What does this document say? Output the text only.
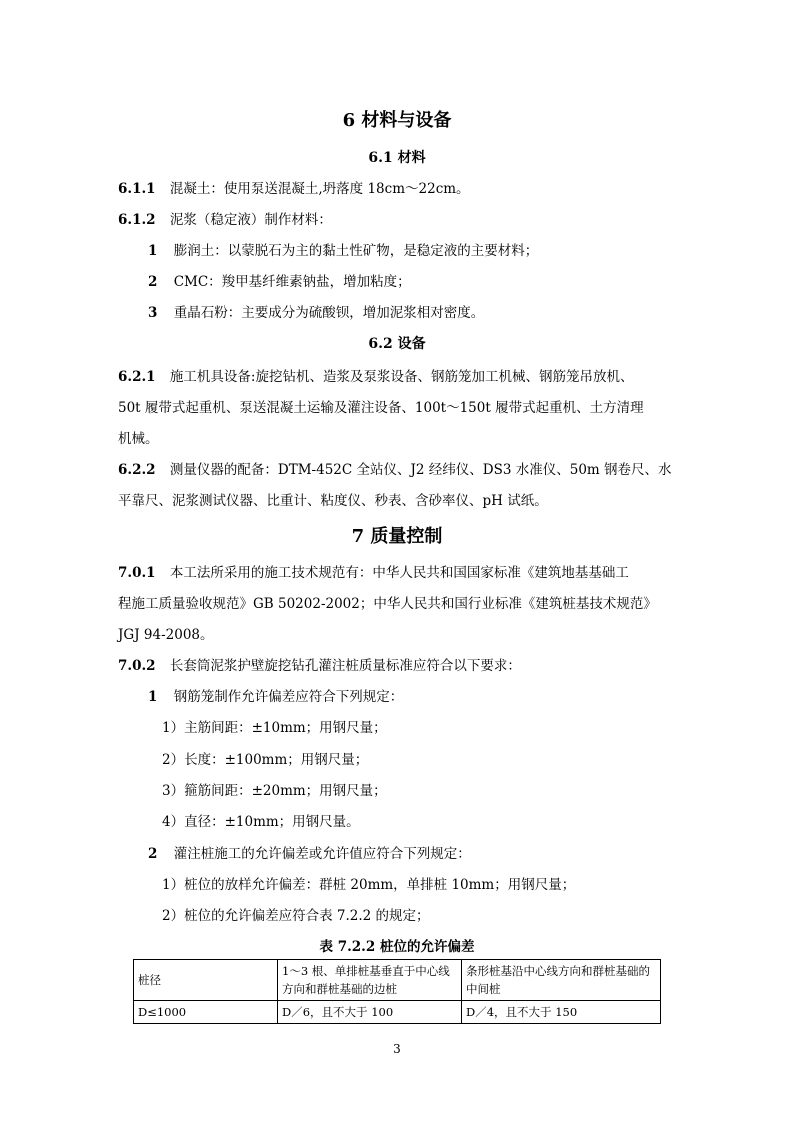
6 材料与设备
6.1 材料
6.1.1 混凝土：使用泵送混凝土,坍落度 18cm～22cm。
6.1.2 泥浆（稳定液）制作材料：
1 膨润土：以蒙脱石为主的黏土性矿物，是稳定液的主要材料；
2 CMC：羧甲基纤维素钠盐，增加粘度；
3 重晶石粉：主要成分为硫酸钡，增加泥浆相对密度。
6.2 设备
6.2.1 施工机具设备:旋挖钻机、造浆及泵浆设备、钢筋笼加工机械、钢筋笼吊放机、
50t 履带式起重机、泵送混凝土运输及灌注设备、100t～150t 履带式起重机、土方清理
机械。
6.2.2 测量仪器的配备：DTM-452C 全站仪、J2 经纬仪、DS3 水准仪、50m 钢卷尺、水
平靠尺、泥浆测试仪器、比重计、粘度仪、秒表、含砂率仪、pH 试纸。
7 质量控制
7.0.1 本工法所采用的施工技术规范有：中华人民共和国国家标准《建筑地基基础工
程施工质量验收规范》GB 50202-2002；中华人民共和国行业标准《建筑桩基技术规范》
JGJ 94-2008。
7.0.2 长套筒泥浆护壁旋挖钻孔灌注桩质量标准应符合以下要求：
1 钢筋笼制作允许偏差应符合下列规定：
1）主筋间距：±10mm；用钢尺量；
2）长度：±100mm；用钢尺量；
3）箍筋间距：±20mm；用钢尺量；
4）直径：±10mm；用钢尺量。
2 灌注桩施工的允许偏差或允许值应符合下列规定：
1）桩位的放样允许偏差：群桩 20mm，单排桩 10mm；用钢尺量；
2）桩位的允许偏差应符合表 7.2.2 的规定；
表 7.2.2 桩位的允许偏差
桩径	1～3 根、单排桩基垂直于中心线方向和群桩基础的边桩	条形桩基沿中心线方向和群桩基础的中间桩
D≤1000	D／6，且不大于 100	D／4，且不大于 150
3
